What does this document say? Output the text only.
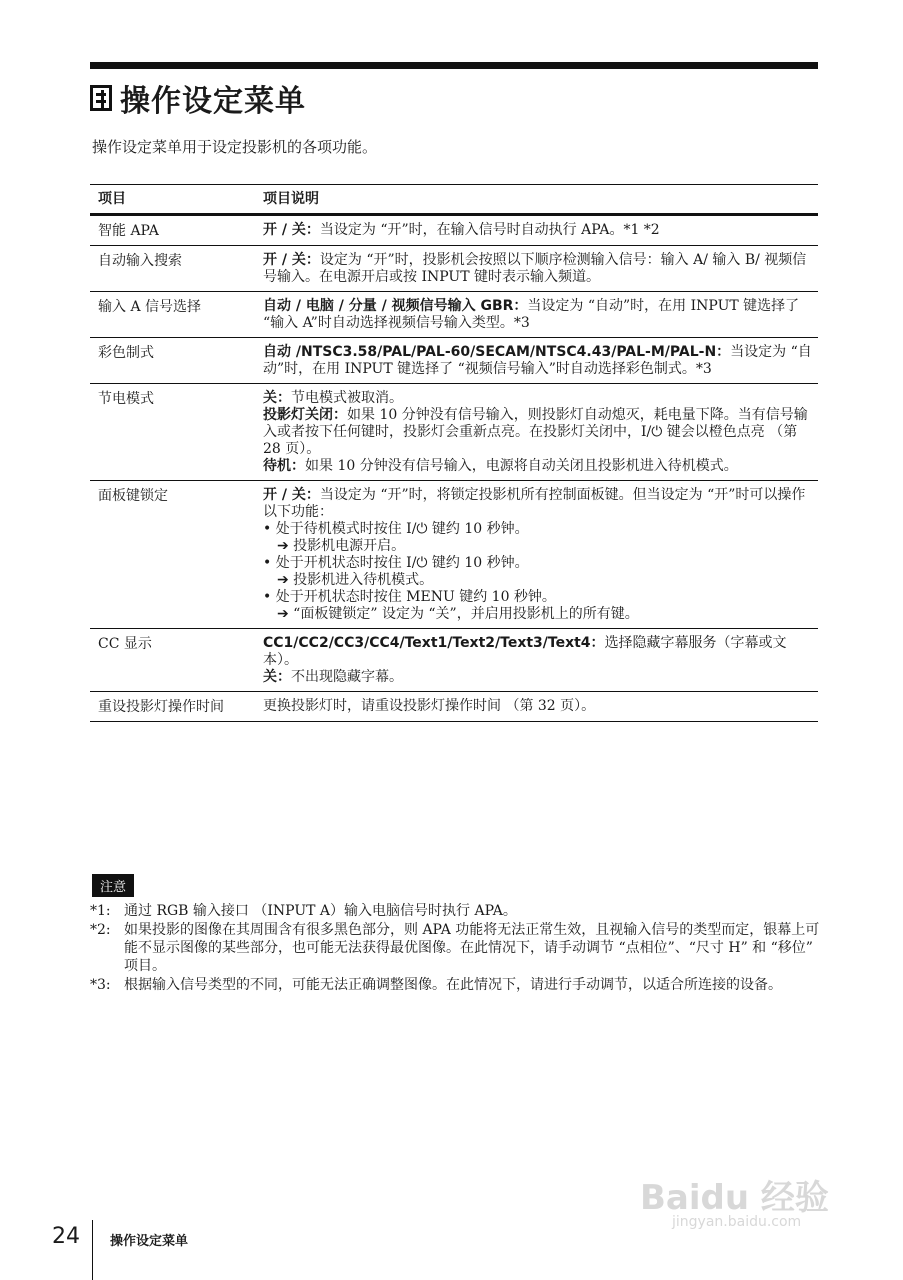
操作设定菜单
操作设定菜单用于设定投影机的各项功能。
项目	项目说明
智能 APA	开 / 关：当设定为 “开”时，在输入信号时自动执行 APA。*1 *2
自动输入搜索	开 / 关：设定为 “开”时，投影机会按照以下顺序检测输入信号：输入 A/ 输入 B/ 视频信号输入。在电源开启或按 INPUT 键时表示输入频道。
输入 A 信号选择	自动 / 电脑 / 分量 / 视频信号输入 GBR：当设定为 “自动”时，在用 INPUT 键选择了 “输入 A”时自动选择视频信号输入类型。*3
彩色制式	自动 /NTSC3.58/PAL/PAL-60/SECAM/NTSC4.43/PAL-M/PAL-N：当设定为 “自动”时，在用 INPUT 键选择了 “视频信号输入”时自动选择彩色制式。*3
节电模式	关：节电模式被取消。
投影灯关闭：如果 10 分钟没有信号输入，则投影灯自动熄灭，耗电量下降。当有信号输入或者按下任何键时，投影灯会重新点亮。在投影灯关闭中，I/⏻ 键会以橙色点亮 （第 28 页）。
待机：如果 10 分钟没有信号输入，电源将自动关闭且投影机进入待机模式。
面板键锁定	开 / 关：当设定为 “开”时，将锁定投影机所有控制面板键。但当设定为 “开”时可以操作以下功能：
• 处于待机模式时按住 I/⏻ 键约 10 秒钟。
➔ 投影机电源开启。
• 处于开机状态时按住 I/⏻ 键约 10 秒钟。
➔ 投影机进入待机模式。
• 处于开机状态时按住 MENU 键约 10 秒钟。
➔ “面板键锁定” 设定为 “关”，并启用投影机上的所有键。
CC 显示	CC1/CC2/CC3/CC4/Text1/Text2/Text3/Text4：选择隐藏字幕服务（字幕或文本）。
关：不出现隐藏字幕。
重设投影灯操作时间	更换投影灯时，请重设投影灯操作时间 （第 32 页）。
注意
*1: 通过 RGB 输入接口 （INPUT A）输入电脑信号时执行 APA。
*2: 如果投影的图像在其周围含有很多黑色部分，则 APA 功能将无法正常生效，且视输入信号的类型而定，银幕上可能不显示图像的某些部分，也可能无法获得最优图像。在此情况下，请手动调节 “点相位”、“尺寸 H” 和 “移位” 项目。
*3: 根据输入信号类型的不同，可能无法正确调整图像。在此情况下，请进行手动调节，以适合所连接的设备。
Baidu 经验
jingyan.baidu.com
24 操作设定菜单
